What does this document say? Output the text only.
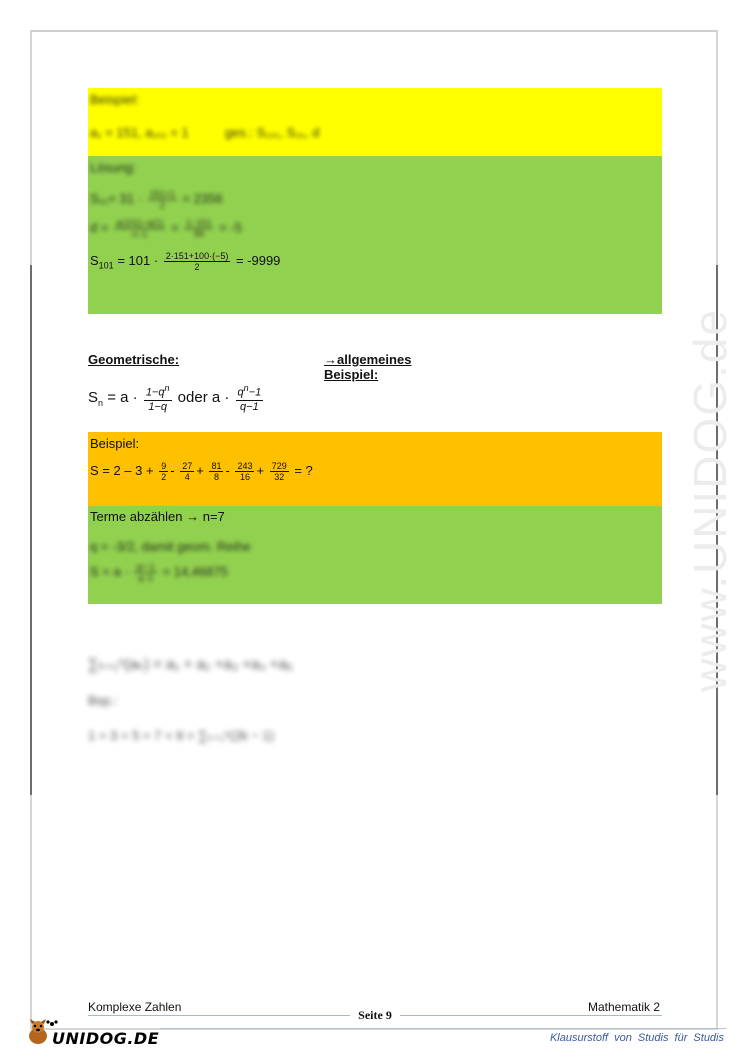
www.UNIDOG.de
Beispiel:
a₁ = 151, a₁₀₁ = 1	ges.: S₁₀₁, S₃₁, d
Lösung:
$S_{31}= 31 \cdot \frac{151+1}{2} = 2356$
$d = \frac{a(101)-a(1)}{n-1} = \frac{1-151}{99} = -5$
$S_{101} = 101 \cdot \frac{2\cdot 151+100\cdot(-5)}{2} = -9999$
Geometrische:	→allgemeines Beispiel:
$S_n = a \cdot \frac{1-q^n}{1-q}$ oder $a \cdot \frac{q^n-1}{q-1}$
Beispiel:
$S = 2 - 3 + \frac{9}{2} - \frac{27}{4} + \frac{81}{8} - \frac{243}{16} + \frac{729}{32}$ = ?
Terme abzählen → n=7
q = -3/2, damit geom. Reihe
$S = a \cdot \frac{\text{qⁿ−1}}{q-1} = 14,46875$
∑ₖ₌₁⁵(aₖ) = a₁ + a₂ +a₃ +a₄ +a₅
Bsp.:
1 + 3 + 5 + 7 + 9 = ∑ₖ₌₁⁵(2k − 1)
Komplexe Zahlen	Mathematik 2
Seite 9
UNIDOG.DE	Klausurstoff von Studis für Studis
